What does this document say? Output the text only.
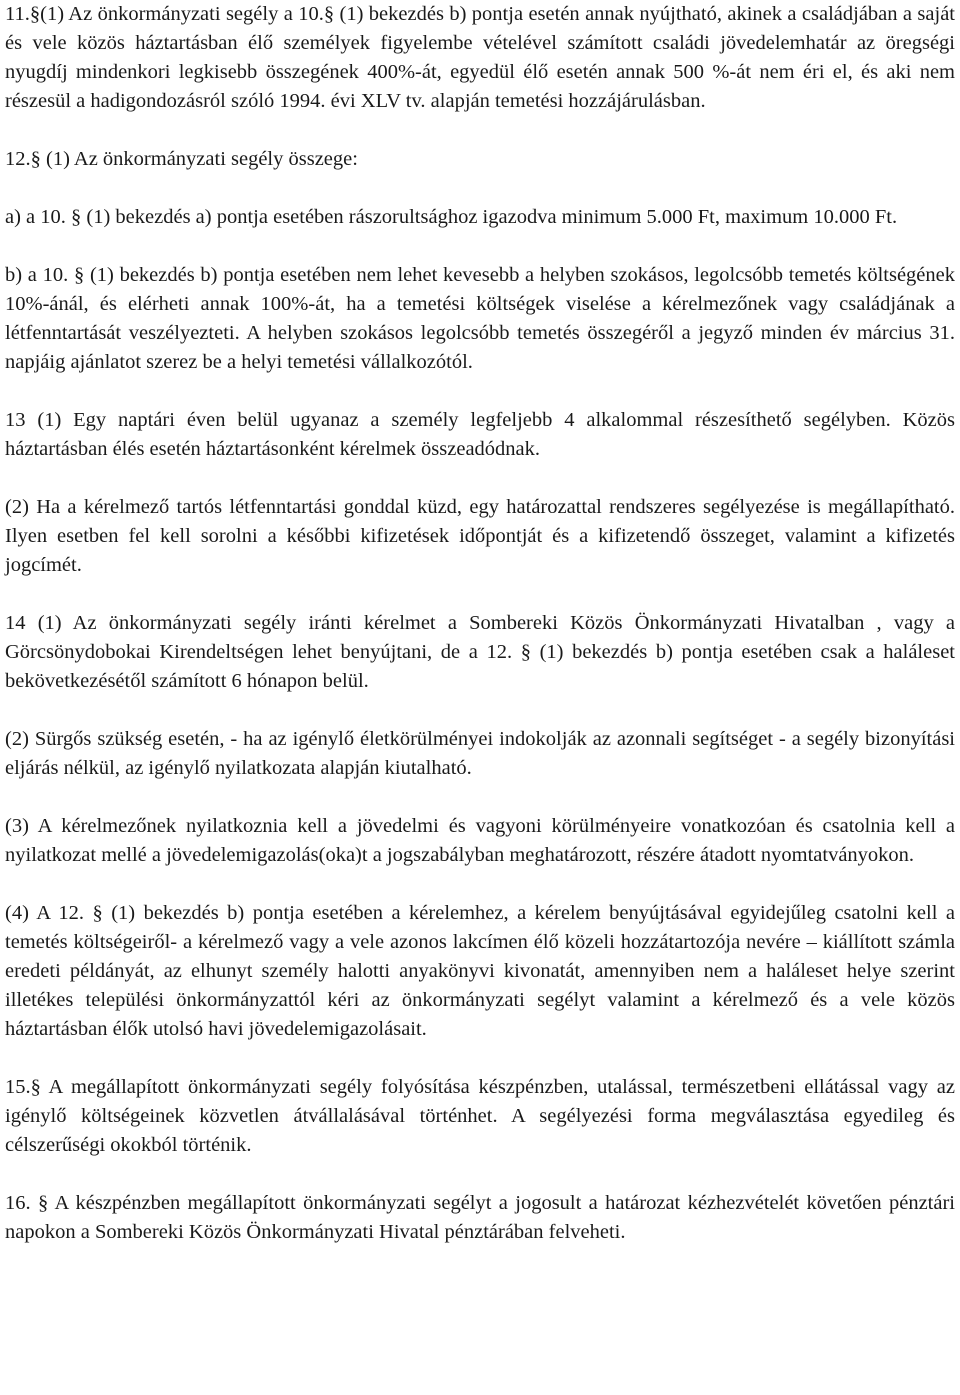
11.§(1) Az önkormányzati segély a 10.§ (1) bekezdés b) pontja esetén annak nyújtható, akinek a családjában a saját és vele közös háztartásban élő személyek figyelembe vételével számított családi jövedelemhatár az öregségi nyugdíj mindenkori legkisebb összegének 400%-át, egyedül élő esetén annak 500 %-át nem éri el, és aki nem részesül a hadigondozásról szóló 1994. évi XLV tv. alapján temetési hozzájárulásban.

12.§ (1) Az önkormányzati segély összege:

a) a 10. § (1) bekezdés a) pontja esetében rászorultsághoz igazodva minimum 5.000 Ft, maximum 10.000 Ft.

b) a 10. § (1) bekezdés b) pontja esetében nem lehet kevesebb a helyben szokásos, legolcsóbb temetés költségének 10%-ánál, és elérheti annak 100%-át, ha a temetési költségek viselése a kérelmezőnek vagy családjának a létfenntartását veszélyezteti. A helyben szokásos legolcsóbb temetés összegéről a jegyző minden év március 31. napjáig ajánlatot szerez be a helyi temetési vállalkozótól.

13 (1) Egy naptári éven belül ugyanaz a személy legfeljebb 4 alkalommal részesíthető segélyben. Közös háztartásban élés esetén háztartásonként kérelmek összeadódnak.

(2) Ha a kérelmező tartós létfenntartási gonddal küzd, egy határozattal rendszeres segélyezése is megállapítható. Ilyen esetben fel kell sorolni a későbbi kifizetések időpontját és a kifizetendő összeget, valamint a kifizetés jogcímét.

14 (1) Az önkormányzati segély iránti kérelmet a Sombereki Közös Önkormányzati Hivatalban , vagy a Görcsönydobokai Kirendeltségen lehet benyújtani, de a 12. § (1) bekezdés b) pontja esetében csak a haláleset bekövetkezésétől számított 6 hónapon belül.

(2) Sürgős szükség esetén, - ha az igénylő életkörülményei indokolják az azonnali segítséget - a segély bizonyítási eljárás nélkül, az igénylő nyilatkozata alapján kiutalható.

(3) A kérelmezőnek nyilatkoznia kell a jövedelmi és vagyoni körülményeire vonatkozóan és csatolnia kell a nyilatkozat mellé a jövedelemigazolás(oka)t a jogszabályban meghatározott, részére átadott nyomtatványokon.

(4) A 12. § (1) bekezdés b) pontja esetében a kérelemhez, a kérelem benyújtásával egyidejűleg csatolni kell a temetés költségeiről- a kérelmező vagy a vele azonos lakcímen élő közeli hozzátartozója nevére – kiállított számla eredeti példányát, az elhunyt személy halotti anyakönyvi kivonatát, amennyiben nem a haláleset helye szerint illetékes települési önkormányzattól kéri az önkormányzati segélyt valamint a kérelmező és a vele közös háztartásban élők utolsó havi jövedelemigazolásait.

15.§ A megállapított önkormányzati segély folyósítása készpénzben, utalással, természetbeni ellátással vagy az igénylő költségeinek közvetlen átvállalásával történhet. A segélyezési forma megválasztása egyedileg és célszerűségi okokból történik.

16. § A készpénzben megállapított önkormányzati segélyt a jogosult a határozat kézhezvételét követően pénztári napokon a Sombereki Közös Önkormányzati Hivatal pénztárában felveheti.
